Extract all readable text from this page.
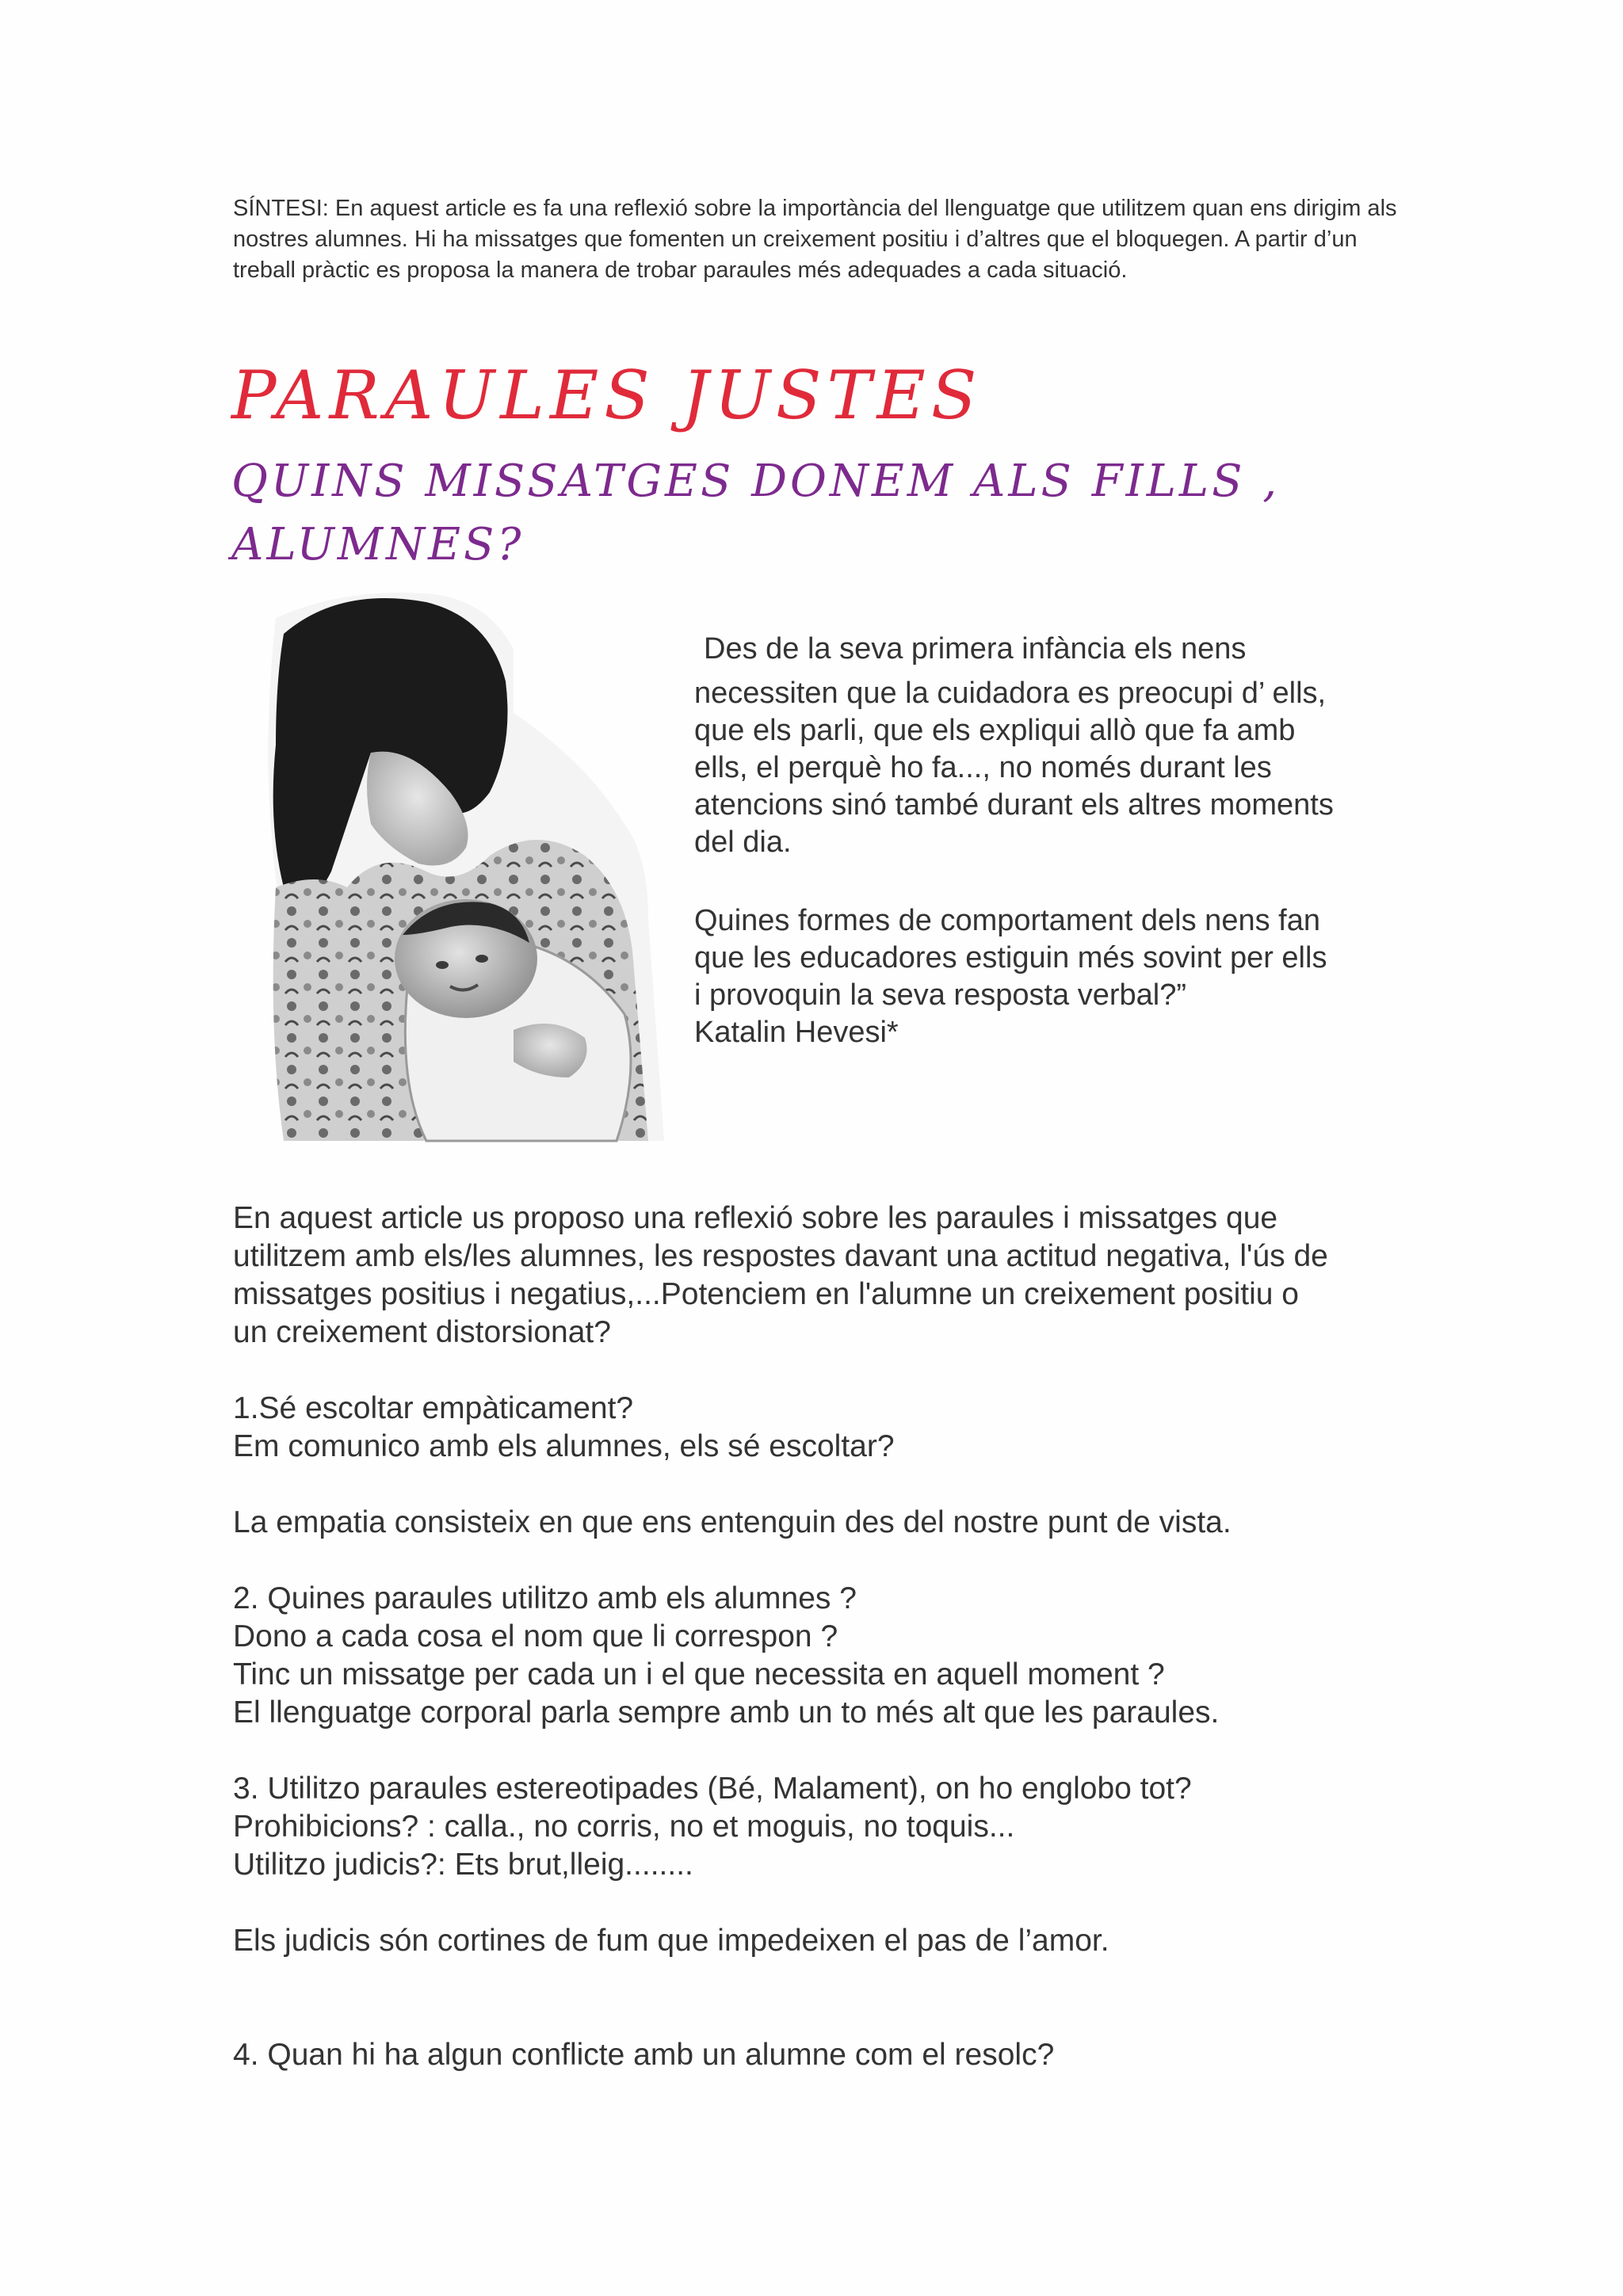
SÍNTESI: En aquest article es fa una reflexió sobre la importància del llenguatge que utilitzem quan ens dirigim als nostres alumnes. Hi ha missatges que fomenten un creixement positiu i d’altres que el bloquegen. A partir d’un treball pràctic es proposa la manera de trobar paraules més adequades a cada situació.

PARAULES JUSTES
QUINS MISSATGES DONEM ALS FILLS , ALUMNES?

Des de la seva primera infància els nens

necessiten que la cuidadora es preocupi d’ ells,

que els parli, que els expliqui allò que fa amb

ells, el perquè ho fa..., no només durant les

atencions sinó també durant els altres moments

del dia.

Quines formes de comportament dels nens fan

que les educadores estiguin més sovint per ells

i provoquin la seva resposta verbal?”

Katalin Hevesi*

En aquest article us proposo una reflexió sobre les paraules i missatges que

utilitzem amb els/les alumnes, les respostes davant una actitud negativa, l'ús de

missatges positius i negatius,...Potenciem en l'alumne un creixement positiu o

un creixement distorsionat?

1.Sé escoltar empàticament?

Em comunico amb els alumnes, els sé escoltar?

La empatia consisteix en que ens entenguin des del nostre punt de vista.

2. Quines paraules utilitzo amb els alumnes ?

Dono a cada cosa el nom que li correspon ?

Tinc un missatge per cada un i el que necessita en aquell moment ?

El llenguatge corporal parla sempre amb un to més alt que les paraules.

3. Utilitzo paraules estereotipades (Bé, Malament), on ho englobo tot?

Prohibicions? : calla., no corris, no et moguis, no toquis...

Utilitzo judicis?: Ets brut,lleig........

Els judicis són cortines de fum que impedeixen el pas de l’amor.

4. Quan hi ha algun conflicte amb un alumne com el resolc?
